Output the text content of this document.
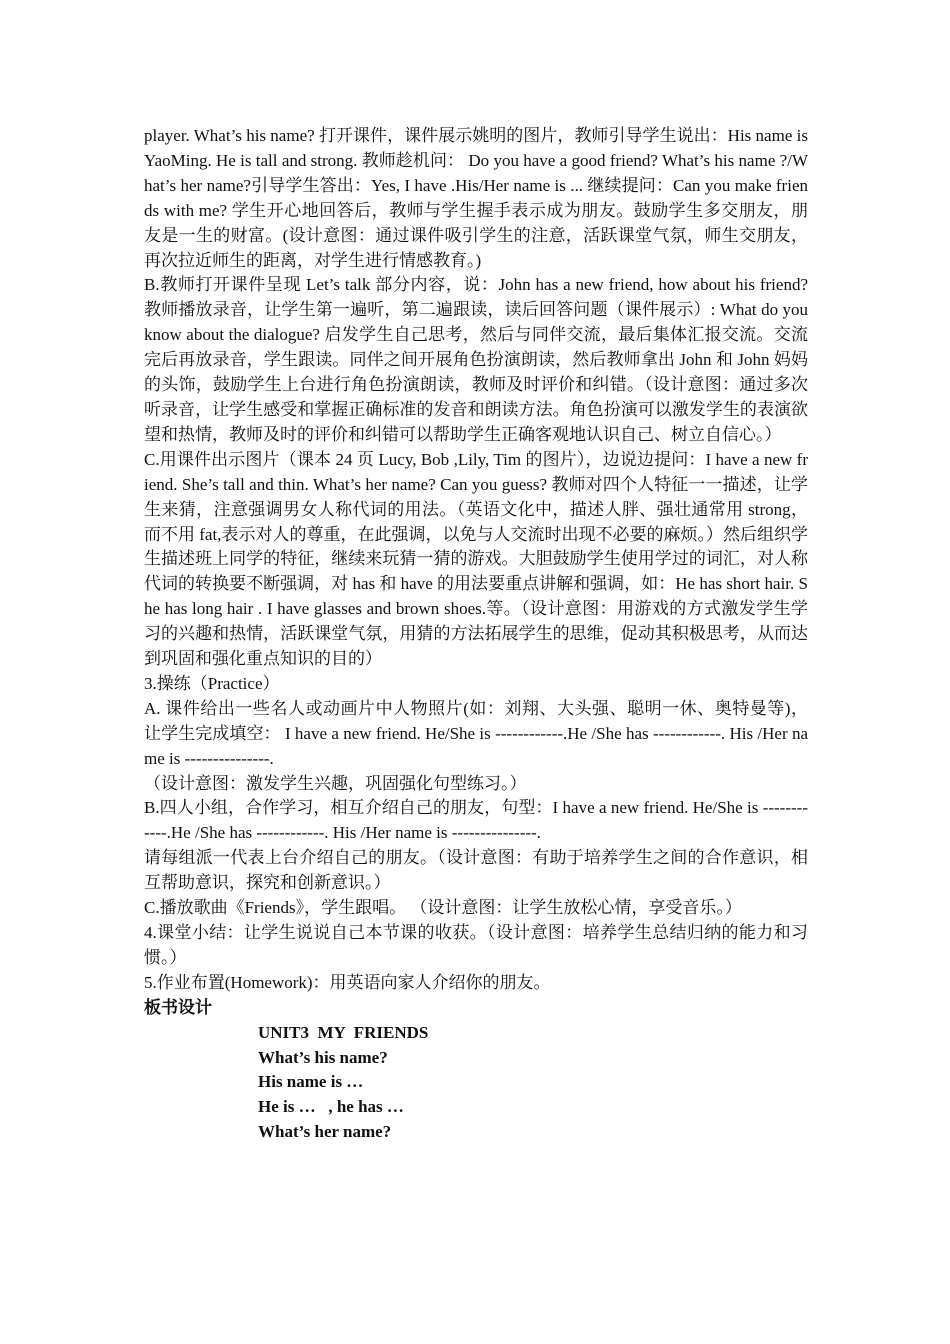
player. What’s his name? 打开课件，课件展示姚明的图片，教师引导学生说出：His name is YaoMing. He is tall and strong. 教师趁机问： Do you have a good friend? What’s his name ?/What’s her name?引导学生答出：Yes, I have .His/Her name is ... 继续提问：Can you make friends with me? 学生开心地回答后，教师与学生握手表示成为朋友。鼓励学生多交朋友，朋友是一生的财富。(设计意图：通过课件吸引学生的注意，活跃课堂气氛，师生交朋友，再次拉近师生的距离，对学生进行情感教育。)

B.教师打开课件呈现 Let’s talk 部分内容，说：John has a new friend, how about his friend?教师播放录音，让学生第一遍听，第二遍跟读，读后回答问题（课件展示）: What do you know about the dialogue? 启发学生自己思考，然后与同伴交流，最后集体汇报交流。交流完后再放录音，学生跟读。同伴之间开展角色扮演朗读，然后教师拿出 John 和 John 妈妈的头饰，鼓励学生上台进行角色扮演朗读，教师及时评价和纠错。（设计意图：通过多次听录音，让学生感受和掌握正确标准的发音和朗读方法。角色扮演可以激发学生的表演欲望和热情，教师及时的评价和纠错可以帮助学生正确客观地认识自己、树立自信心。）

C.用课件出示图片（课本 24 页 Lucy, Bob ,Lily, Tim 的图片），边说边提问：I have a new friend. She’s tall and thin. What’s her name? Can you guess? 教师对四个人特征一一描述，让学生来猜，注意强调男女人称代词的用法。（英语文化中，描述人胖、强壮通常用 strong，而不用 fat,表示对人的尊重，在此强调，以免与人交流时出现不必要的麻烦。）然后组织学生描述班上同学的特征，继续来玩猜一猜的游戏。大胆鼓励学生使用学过的词汇，对人称代词的转换要不断强调，对 has 和 have 的用法要重点讲解和强调，如：He has short hair. She has long hair . I have glasses and brown shoes.等。（设计意图：用游戏的方式激发学生学习的兴趣和热情，活跃课堂气氛，用猜的方法拓展学生的思维，促动其积极思考，从而达到巩固和强化重点知识的目的）

3.操练（Practice）

A. 课件给出一些名人或动画片中人物照片(如：刘翔、大头强、聪明一休、奥特曼等)， 让学生完成填空： I have a new friend. He/She is ------------.He /She has ------------. His /Her name is ---------------.

（设计意图：激发学生兴趣，巩固强化句型练习。）

B.四人小组，合作学习，相互介绍自己的朋友，句型：I have a new friend. He/She is ------------.He /She has ------------. His /Her name is ---------------.

请每组派一代表上台介绍自己的朋友。（设计意图：有助于培养学生之间的合作意识，相互帮助意识，探究和创新意识。）

C.播放歌曲《Friends》，学生跟唱。 （设计意图：让学生放松心情，享受音乐。）

4.课堂小结：让学生说说自己本节课的收获。（设计意图：培养学生总结归纳的能力和习惯。）

5.作业布置(Homework)：用英语向家人介绍你的朋友。

板书设计

UNIT3  MY  FRIENDS
What’s his name?
His name is …
He is …   , he has …
What’s her name?
